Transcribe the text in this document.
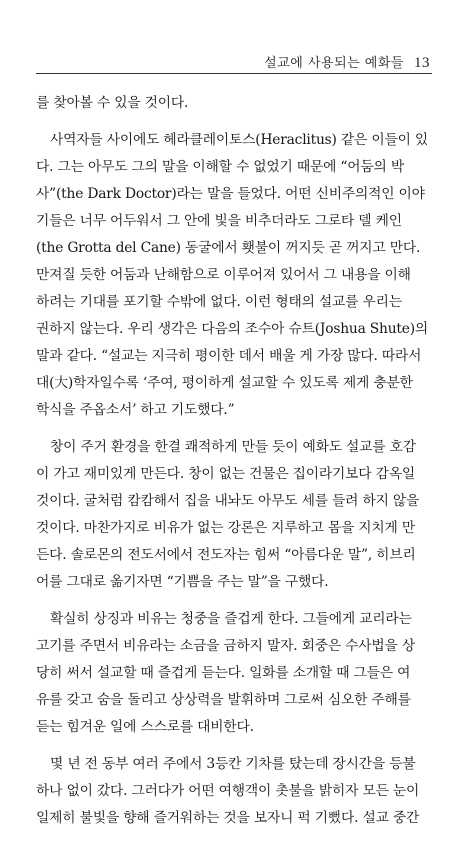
설교에 사용되는 예화들 13
를 찾아볼 수 있을 것이다.
사역자들 사이에도 헤라클레이토스(Heraclitus) 같은 이들이 있
다. 그는 아무도 그의 말을 이해할 수 없었기 때문에 “어둠의 박
사”(the Dark Doctor)라는 말을 들었다. 어떤 신비주의적인 이야
기들은 너무 어두워서 그 안에 빛을 비추더라도 그로타 델 케인
(the Grotta del Cane) 동굴에서 횃불이 꺼지듯 곧 꺼지고 만다.
만져질 듯한 어둠과 난해함으로 이루어져 있어서 그 내용을 이해
하려는 기대를 포기할 수밖에 없다. 이런 형태의 설교를 우리는
권하지 않는다. 우리 생각은 다음의 조수아 슈트(Joshua Shute)의
말과 같다. “설교는 지극히 평이한 데서 배울 게 가장 많다. 따라서
대(大)학자일수록 ‘주여, 평이하게 설교할 수 있도록 제게 충분한
학식을 주옵소서’ 하고 기도했다.”
창이 주거 환경을 한결 쾌적하게 만들 듯이 예화도 설교를 호감
이 가고 재미있게 만든다. 창이 없는 건물은 집이라기보다 감옥일
것이다. 굴처럼 캄캄해서 집을 내놔도 아무도 세를 들려 하지 않을
것이다. 마찬가지로 비유가 없는 강론은 지루하고 몸을 지치게 만
든다. 솔로몬의 전도서에서 전도자는 힘써 “아름다운 말”, 히브리
어를 그대로 옮기자면 “기쁨을 주는 말”을 구했다.
확실히 상징과 비유는 청중을 즐겁게 한다. 그들에게 교리라는
고기를 주면서 비유라는 소금을 금하지 말자. 회중은 수사법을 상
당히 써서 설교할 때 즐겁게 듣는다. 일화를 소개할 때 그들은 여
유를 갖고 숨을 돌리고 상상력을 발휘하며 그로써 심오한 주해를
듣는 힘겨운 일에 스스로를 대비한다.
몇 년 전 동부 여러 주에서 3등칸 기차를 탔는데 장시간을 등불
하나 없이 갔다. 그러다가 어떤 여행객이 촛불을 밝히자 모든 눈이
일제히 불빛을 향해 즐거워하는 것을 보자니 퍽 기뻤다. 설교 중간
